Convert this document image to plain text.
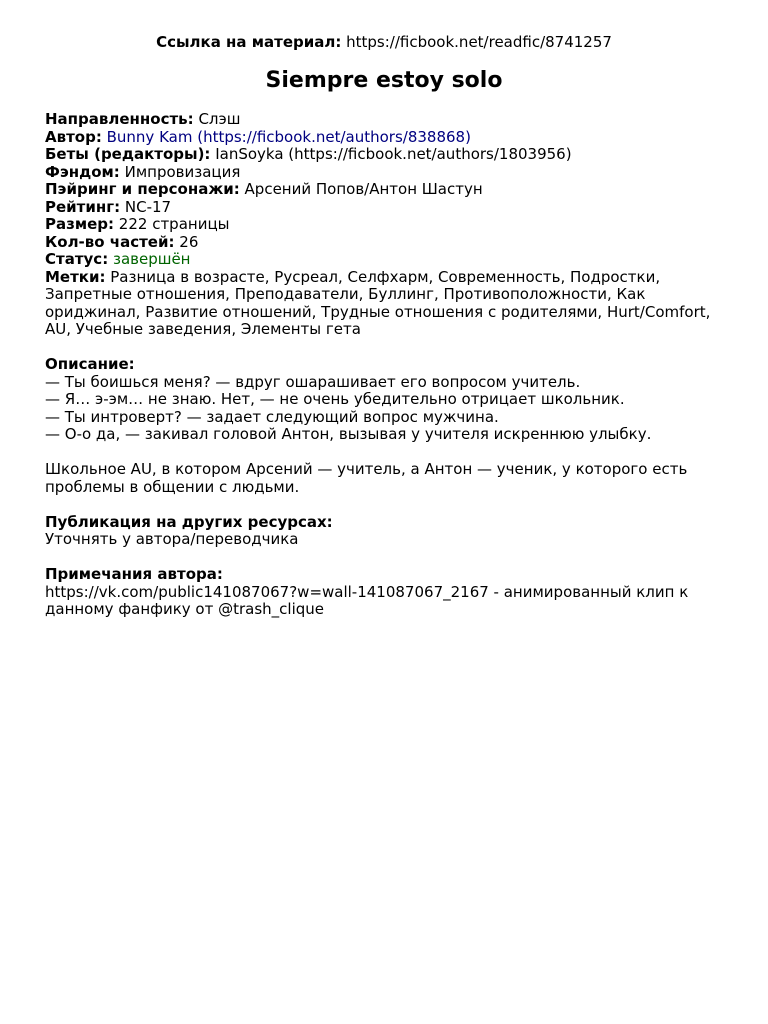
Ссылка на материал: https://ficbook.net/readfic/8741257
Siempre estoy solo

Направленность: Слэш

Автор: Bunny Kam (https://ficbook.net/authors/838868)

Беты (редакторы): IanSoyka (https://ficbook.net/authors/1803956)

Фэндом: Импровизация

Пэйринг и персонажи: Арсений Попов/Антон Шастун

Рейтинг: NC-17

Размер: 222 страницы

Кол-во частей: 26

Статус: завершён

Метки: Разница в возрасте, Русреал, Селфхарм, Современность, Подростки, Запретные отношения, Преподаватели, Буллинг, Противоположности, Как ориджинал, Развитие отношений, Трудные отношения с родителями, Hurt/Comfort, AU, Учебные заведения, Элементы гета

Описание:

— Ты боишься меня? — вдруг ошарашивает его вопросом учитель.

— Я… э-эм… не знаю. Нет, — не очень убедительно отрицает школьник.

— Ты интроверт? — задает следующий вопрос мужчина.

— О-о да, — закивал головой Антон, вызывая у учителя искреннюю улыбку.

Школьное AU, в котором Арсений — учитель, а Антон — ученик, у которого есть проблемы в общении с людьми.

Публикация на других ресурсах:

Уточнять у автора/переводчика

Примечания автора:

https://vk.com/public141087067?w=wall-141087067_2167 - анимированный клип к данному фанфику от @trash_clique
